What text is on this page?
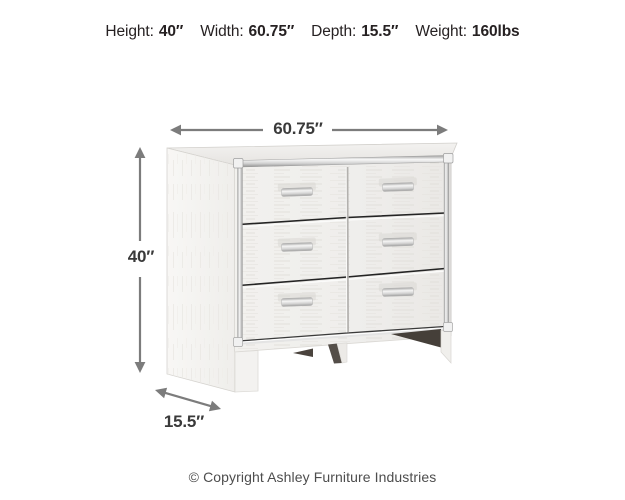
Height: 40″ Width: 60.75″ Depth: 15.5″ Weight: 160lbs
60.75″
40″
15.5″
© Copyright Ashley Furniture Industries
